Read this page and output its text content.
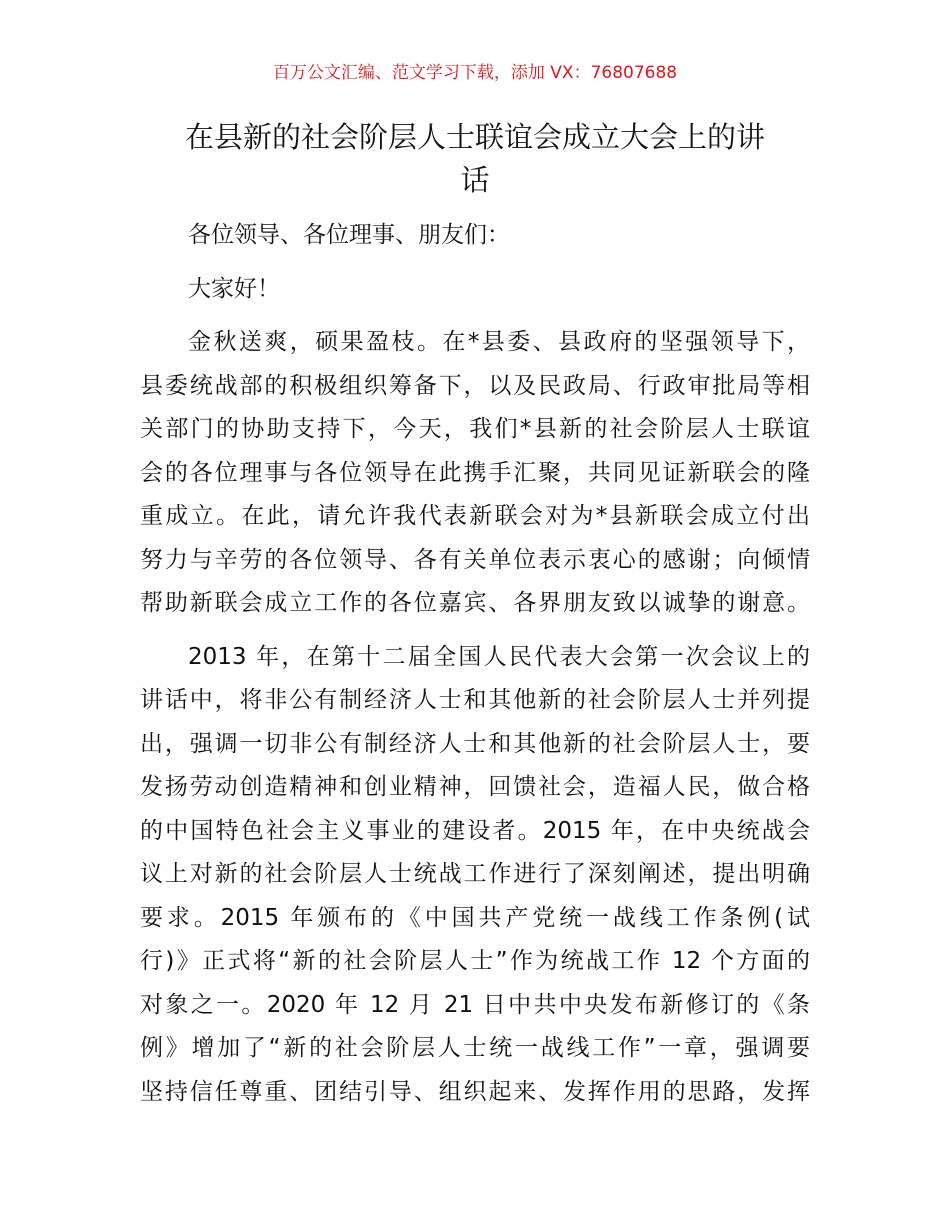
百万公文汇编、范文学习下载，添加 VX：76807688
在县新的社会阶层人士联谊会成立大会上的讲
话
各位领导、各位理事、朋友们：
大家好！
金秋送爽，硕果盈枝。在*县委、县政府的坚强领导下，
县委统战部的积极组织筹备下，以及民政局、行政审批局等相
关部门的协助支持下，今天，我们*县新的社会阶层人士联谊
会的各位理事与各位领导在此携手汇聚，共同见证新联会的隆
重成立。在此，请允许我代表新联会对为*县新联会成立付出
努力与辛劳的各位领导、各有关单位表示衷心的感谢；向倾情
帮助新联会成立工作的各位嘉宾、各界朋友致以诚挚的谢意。
2013 年，在第十二届全国人民代表大会第一次会议上的
讲话中，将非公有制经济人士和其他新的社会阶层人士并列提
出，强调一切非公有制经济人士和其他新的社会阶层人士，要
发扬劳动创造精神和创业精神，回馈社会，造福人民，做合格
的中国特色社会主义事业的建设者。2015 年，在中央统战会
议上对新的社会阶层人士统战工作进行了深刻阐述，提出明确
要求。2015 年颁布的《中国共产党统一战线工作条例(试
行)》正式将“新的社会阶层人士”作为统战工作 12 个方面的
对象之一。2020 年 12 月 21 日中共中央发布新修订的《条
例》增加了“新的社会阶层人士统一战线工作”一章，强调要
坚持信任尊重、团结引导、组织起来、发挥作用的思路，发挥
